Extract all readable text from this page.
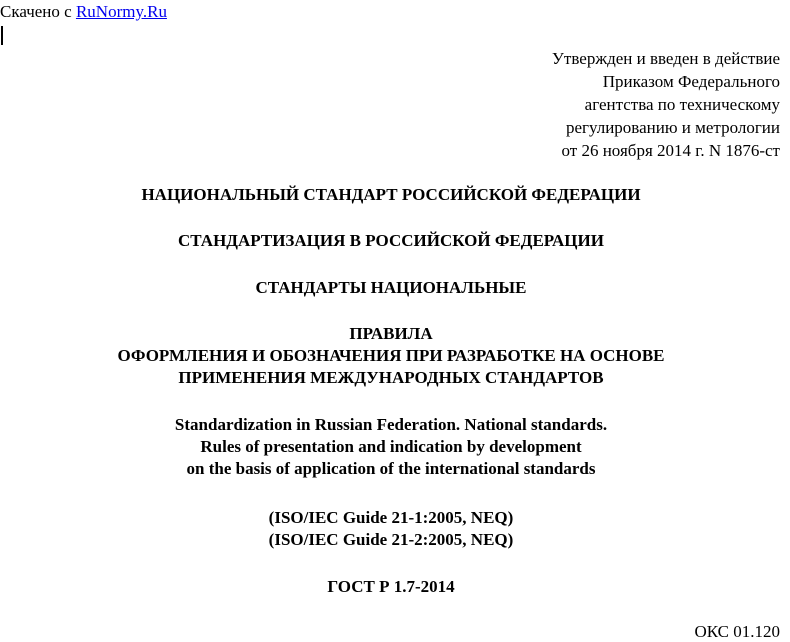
Скачено с RuNormy.Ru
Утвержден и введен в действие
Приказом Федерального
агентства по техническому
регулированию и метрологии
от 26 ноября 2014 г. N 1876-ст
НАЦИОНАЛЬНЫЙ СТАНДАРТ РОССИЙСКОЙ ФЕДЕРАЦИИ
СТАНДАРТИЗАЦИЯ В РОССИЙСКОЙ ФЕДЕРАЦИИ
СТАНДАРТЫ НАЦИОНАЛЬНЫЕ
ПРАВИЛА
ОФОРМЛЕНИЯ И ОБОЗНАЧЕНИЯ ПРИ РАЗРАБОТКЕ НА ОСНОВЕ
ПРИМЕНЕНИЯ МЕЖДУНАРОДНЫХ СТАНДАРТОВ
Standardization in Russian Federation. National standards.
Rules of presentation and indication by development
on the basis of application of the international standards
(ISO/IEC Guide 21-1:2005, NEQ)
(ISO/IEC Guide 21-2:2005, NEQ)
ГОСТ Р 1.7-2014
ОКС 01.120
